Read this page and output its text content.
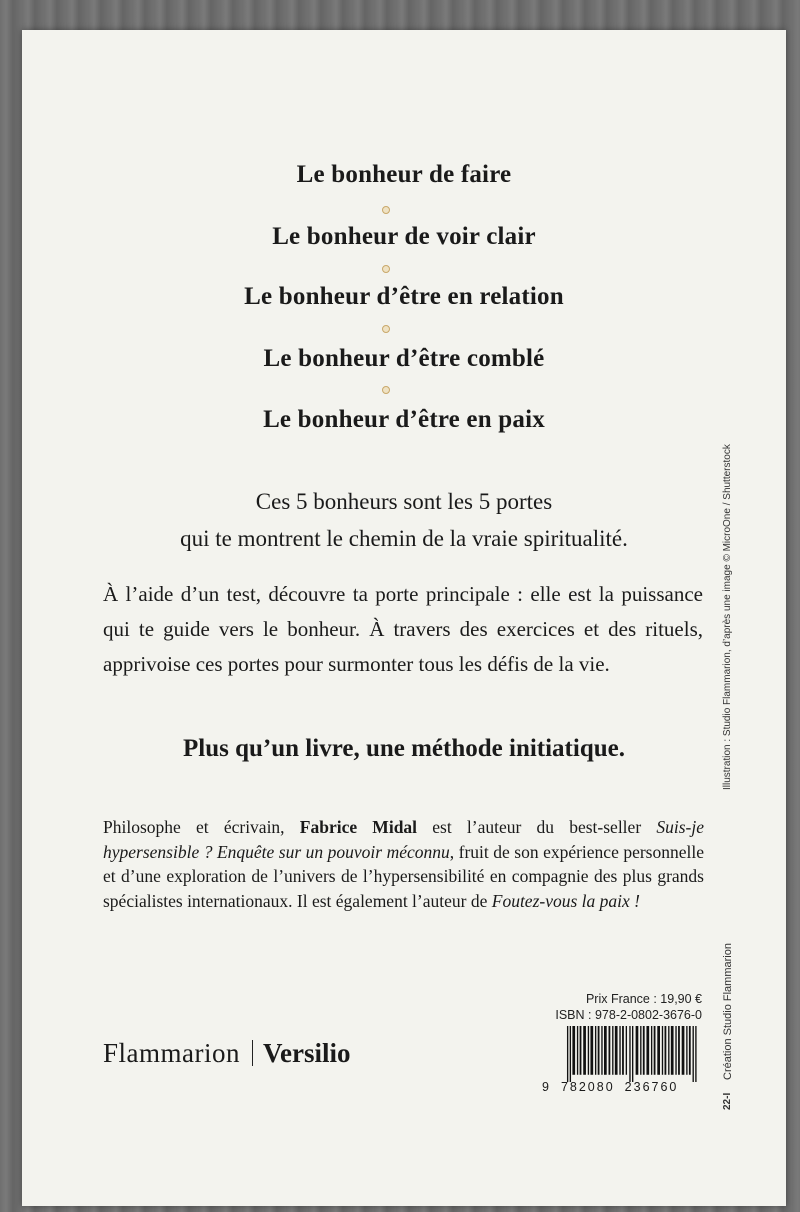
Le bonheur de faire
Le bonheur de voir clair
Le bonheur d’être en relation
Le bonheur d’être comblé
Le bonheur d’être en paix
Ces 5 bonheurs sont les 5 portes
qui te montrent le chemin de la vraie spiritualité.
À l’aide d’un test, découvre ta porte principale : elle est la puissance qui te guide vers le bonheur. À travers des exercices et des rituels, apprivoise ces portes pour surmonter tous les défis de la vie.
Plus qu’un livre, une méthode initiatique.
Philosophe et écrivain, Fabrice Midal est l’auteur du best-seller Suis-je hypersensible ? Enquête sur un pouvoir méconnu, fruit de son expérience personnelle et d’une exploration de l’univers de l’hypersensibilité en compagnie des plus grands spécialistes internationaux. Il est également l’auteur de Foutez-vous la paix !
Flammarion Versilio
Prix France : 19,90 €
ISBN : 978-2-0802-3676-0
9 782080 236760
Illustration : Studio Flammarion, d’après une image © MicroOne / Shutterstock
Création Studio Flammarion
22-I
